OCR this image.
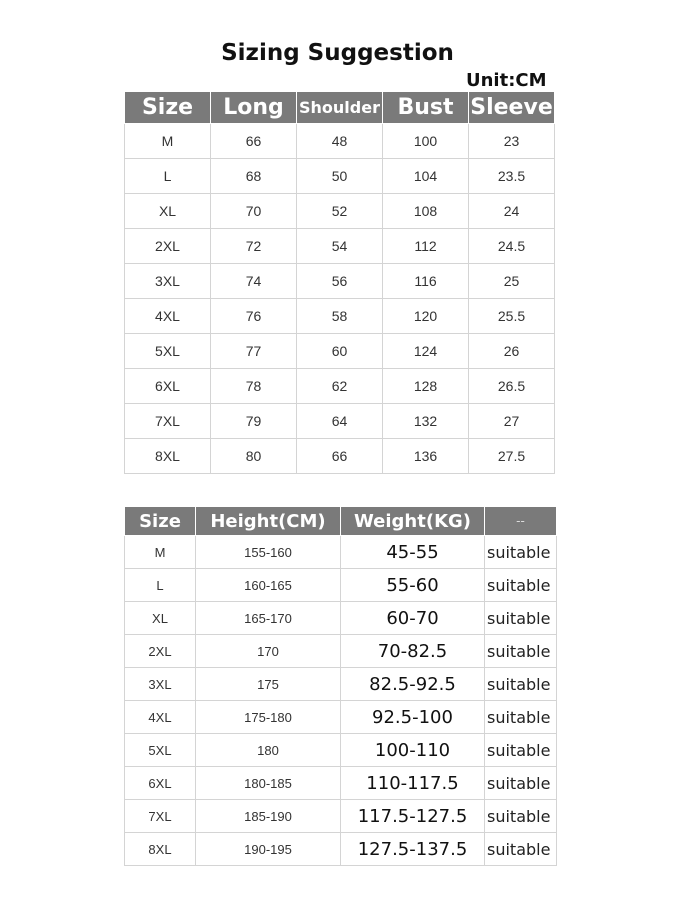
Sizing Suggestion
Unit:CM
Size	Long	Shoulder	Bust	Sleeve
M	66	48	100	23
L	68	50	104	23.5
XL	70	52	108	24
2XL	72	54	112	24.5
3XL	74	56	116	25
4XL	76	58	120	25.5
5XL	77	60	124	26
6XL	78	62	128	26.5
7XL	79	64	132	27
8XL	80	66	136	27.5
Size	Height(CM)	Weight(KG)	--
M	155-160	45-55	suitable
L	160-165	55-60	suitable
XL	165-170	60-70	suitable
2XL	170	70-82.5	suitable
3XL	175	82.5-92.5	suitable
4XL	175-180	92.5-100	suitable
5XL	180	100-110	suitable
6XL	180-185	110-117.5	suitable
7XL	185-190	117.5-127.5	suitable
8XL	190-195	127.5-137.5	suitable
